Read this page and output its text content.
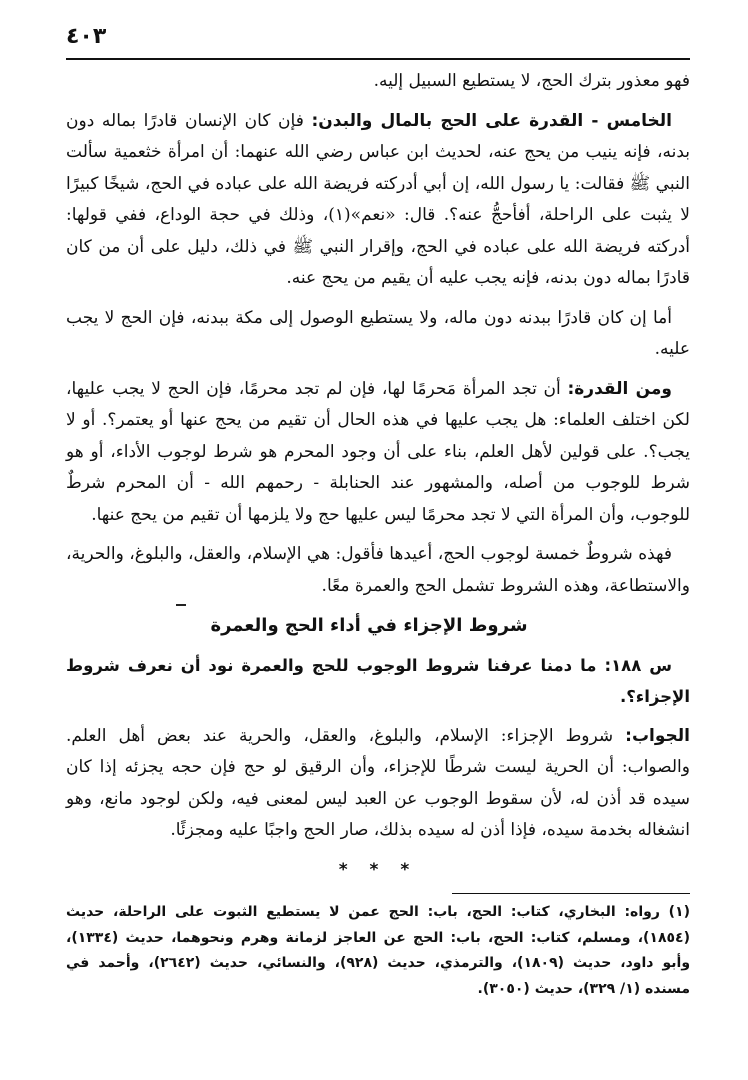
٤٠٣

فهو معذور بترك الحج، لا يستطيع السبيل إليه.

الخامس - القدرة على الحج بالمال والبدن: فإن كان الإنسان قادرًا بماله دون بدنه، فإنه ينيب من يحج عنه، لحديث ابن عباس رضي الله عنهما: أن امرأة خثعمية سألت النبي ﷺ فقالت: يا رسول الله، إن أبي أدركته فريضة الله على عباده في الحج، شيخًا كبيرًا لا يثبت على الراحلة، أفأحجُّ عنه؟. قال: «نعم»(١)، وذلك في حجة الوداع، ففي قولها: أدركته فريضة الله على عباده في الحج، وإقرار النبي ﷺ في ذلك، دليل على أن من كان قادرًا بماله دون بدنه، فإنه يجب عليه أن يقيم من يحج عنه.

أما إن كان قادرًا ببدنه دون ماله، ولا يستطيع الوصول إلى مكة ببدنه، فإن الحج لا يجب عليه.

ومن القدرة: أن تجد المرأة مَحرمًا لها، فإن لم تجد محرمًا، فإن الحج لا يجب عليها، لكن اختلف العلماء: هل يجب عليها في هذه الحال أن تقيم من يحج عنها أو يعتمر؟. أو لا يجب؟. على قولين لأهل العلم، بناء على أن وجود المحرم هو شرط لوجوب الأداء، أو هو شرط للوجوب من أصله، والمشهور عند الحنابلة - رحمهم الله - أن المحرم شرطٌ للوجوب، وأن المرأة التي لا تجد محرمًا ليس عليها حج ولا يلزمها أن تقيم من يحج عنها.

فهذه شروطٌ خمسة لوجوب الحج، أعيدها فأقول: هي الإسلام، والعقل، والبلوغ، والحرية، والاستطاعة، وهذه الشروط تشمل الحج والعمرة معًا.

شروط الإجزاء في أداء الحج والعمرة

س ١٨٨: ما دمنا عرفنا شروط الوجوب للحج والعمرة نود أن نعرف شروط الإجزاء؟.

الجواب: شروط الإجزاء: الإسلام، والبلوغ، والعقل، والحرية عند بعض أهل العلم. والصواب: أن الحرية ليست شرطًا للإجزاء، وأن الرقيق لو حج فإن حجه يجزئه إذا كان سيده قد أذن له، لأن سقوط الوجوب عن العبد ليس لمعنى فيه، ولكن لوجود مانع، وهو انشغاله بخدمة سيده، فإذا أذن له سيده بذلك، صار الحج واجبًا عليه ومجزئًا.

* * *

(١) رواه: البخاري، كتاب: الحج، باب: الحج عمن لا يستطيع الثبوت على الراحلة، حديث (١٨٥٤)، ومسلم، كتاب: الحج، باب: الحج عن العاجز لزمانة وهرم ونحوهما، حديث (١٣٣٤)، وأبو داود، حديث (١٨٠٩)، والترمذي، حديث (٩٢٨)، والنسائي، حديث (٢٦٤٢)، وأحمد في مسنده (١/ ٣٢٩)، حديث (٣٠٥٠).
